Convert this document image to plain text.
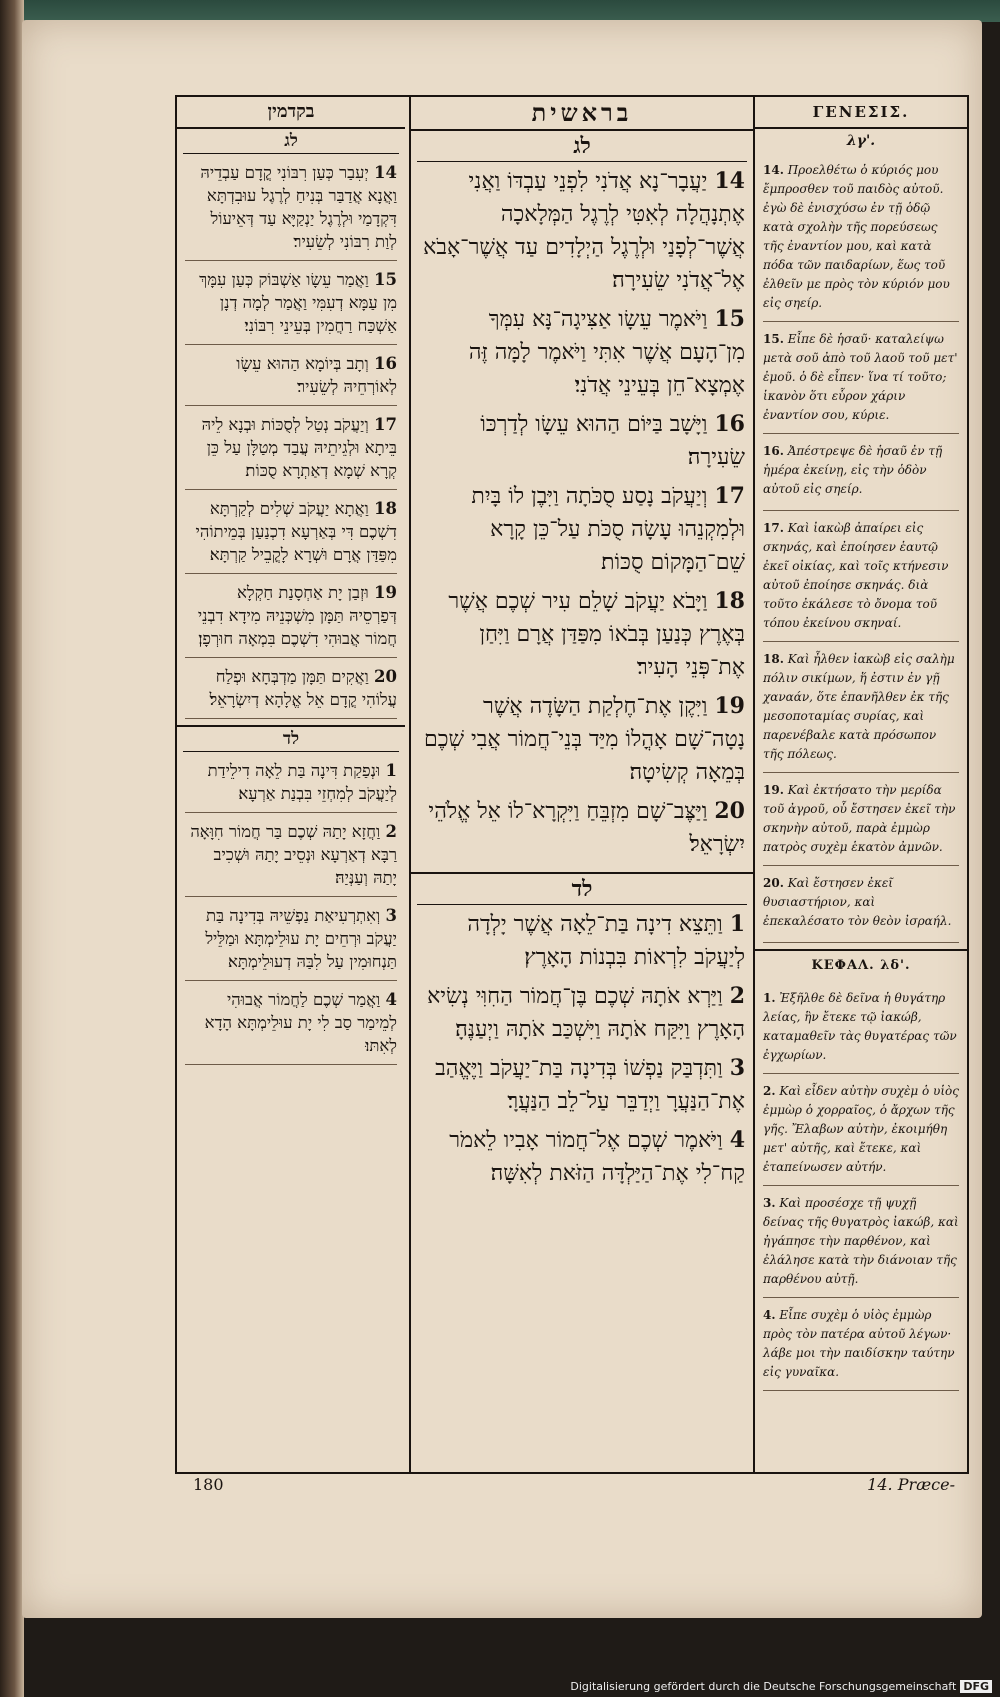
בקדמין
לג
14 יְעִבַר כְּעַן רִבּוֹנִי קֳדָם עַבְדֵיהּ וַאֲנָא אֲדַבַּר בְּנִיחַ לְרֶגֶל עוּבִדְתָּא דִּקְדָמַי וּלְרֶגֶל יַנְקַיָּא עַד דְּאֵיעוֹל לְוַת רִבּוֹנִי לְשֵׂעִיר׃
15 וַאֲמַר עֵשָׂו אַשְׁבּוֹק כְּעַן עִמָּךְ מִן עַמָּא דְעִמִּי וַאֲמַר לְמָה דְנָן אַשְׁכַּח רַחֲמִין בְּעֵינֵי רִבּוֹנִי׃
16 וְתָב בְּיוֹמָא הַהוּא עֵשָׂו לְאוֹרְחֵיהּ לְשֵׂעִיר׃
17 וְיַעֲקֹב נְטַל לְסֻכּוֹת וּבְנָא לֵיהּ בֵּיתָא וּלְגֵיתֵיהּ עֲבַד מְטַלָּן עַל כֵּן קְרָא שְׁמָא דְאַתְרָא סֻכּוֹת׃
18 וַאֲתָא יַעֲקֹב שְׁלִים לְקַרְתָּא דִשְׁכֶם דִּי בְּאַרְעָא דִכְנַעַן בְּמֵיתוֹהִי מִפַּדַּן אֲרָם וּשְׁרָא לָקֳבֵיל קַרְתָּא׃
19 וּזְבַן יָת אַחְסָנַת חַקְלָא דְּפַרְסֵיהּ תַּמָּן מִשְׁכְּנֵיהּ מִידָא דִבְנֵי חֲמוֹר אֲבוּהִי דִשְׁכֶם בִּמְאָה חוּרְפָן׃
20 וַאֲקִים תַּמָּן מַדְבְּחָא וּפְלַח עֲלוֹהִי קֳדָם אֵל אֱלָהָא דְיִשְׂרָאֵל׃
לד
1 וּנְפַקַת דִּינָה בַּת לֵאָה דִילֵידַת לְיַעֲקֹב לְמִחְזֵי בִּבְנַת אַרְעָא׃
2 וַחֲזָא יָתַהּ שְׁכֶם בַּר חֲמוֹר חִוָּאָה רַבָּא דְאַרְעָא וּנְסֵיב יָתַהּ וּשְׁכִיב יָתַהּ וְעַנְּיַהּ׃
3 וְאִתְרְעִיאַת נַפְשֵׁיהּ בְּדִינָה בַּת יַעֲקֹב וּרְחֵים יָת עוּלֵימְתָּא וּמַלֵּיל תַּנְחוּמִין עַל לִבַּהּ דְעוּלֵימְתָּא׃
4 וַאֲמַר שְׁכֶם לַחֲמוֹר אֲבוּהִי לְמֵימַר סַב לִי יָת עוּלֵימְתָּא הָדָא לְאִתּוּ׃
בראשית
לג
14 יַעֲבָר־נָא אֲדֹנִי לִפְנֵי עַבְדּוֹ וַאֲנִי אֶתְנָהֲלָה לְאִטִּי לְרֶגֶל הַמְּלָאכָה אֲשֶׁר־לְפָנַי וּלְרֶגֶל הַיְלָדִים עַד אֲשֶׁר־אָבֹא אֶל־אֲדֹנִי שֵׂעִירָה׃
15 וַיֹּאמֶר עֵשָׂו אַצִּיגָה־נָּא עִמְּךָ מִן־הָעָם אֲשֶׁר אִתִּי וַיֹּאמֶר לָמָּה זֶּה אֶמְצָא־חֵן בְּעֵינֵי אֲדֹנִי׃
16 וַיָּשָׁב בַּיּוֹם הַהוּא עֵשָׂו לְדַרְכּוֹ שֵׂעִירָה׃
17 וְיַעֲקֹב נָסַע סֻכֹּתָה וַיִּבֶן לוֹ בָּיִת וּלְמִקְנֵהוּ עָשָׂה סֻכֹּת עַל־כֵּן קָרָא שֵׁם־הַמָּקוֹם סֻכּוֹת׃
18 וַיָּבֹא יַעֲקֹב שָׁלֵם עִיר שְׁכֶם אֲשֶׁר בְּאֶרֶץ כְּנַעַן בְּבֹאוֹ מִפַּדַּן אֲרָם וַיִּחַן אֶת־פְּנֵי הָעִיר׃
19 וַיִּקֶן אֶת־חֶלְקַת הַשָּׂדֶה אֲשֶׁר נָטָה־שָׁם אָהֳלוֹ מִיַּד בְּנֵי־חֲמוֹר אֲבִי שְׁכֶם בְּמֵאָה קְשִׂיטָה׃
20 וַיַּצֶּב־שָׁם מִזְבֵּחַ וַיִּקְרָא־לוֹ אֵל אֱלֹהֵי יִשְׂרָאֵל׃
לד
1 וַתֵּצֵא דִינָה בַּת־לֵאָה אֲשֶׁר יָלְדָה לְיַעֲקֹב לִרְאוֹת בִּבְנוֹת הָאָרֶץ׃
2 וַיַּרְא אֹתָהּ שְׁכֶם בֶּן־חֲמוֹר הַחִוִּי נְשִׂיא הָאָרֶץ וַיִּקַּח אֹתָהּ וַיִּשְׁכַּב אֹתָהּ וַיְעַנֶּהָ׃
3 וַתִּדְבַּק נַפְשׁוֹ בְּדִינָה בַּת־יַעֲקֹב וַיֶּאֱהַב אֶת־הַנַּעֲרָ וַיְדַבֵּר עַל־לֵב הַנַּעֲרָ׃
4 וַיֹּאמֶר שְׁכֶם אֶל־חֲמוֹר אָבִיו לֵאמֹר קַח־לִי אֶת־הַיַּלְדָּה הַזֹּאת לְאִשָּׁה׃
ΓΕΝΕΣΙΣ.
λγ'.
14. Προελθέτω ὁ κύριός μου ἔμπροσθεν τοῦ παιδὸς αὐτοῦ. ἐγὼ δὲ ἐνισχύσω ἐν τῇ ὁδῷ κατὰ σχολὴν τῆς πορεύσεως τῆς ἐναντίον μου, καὶ κατὰ πόδα τῶν παιδαρίων, ἕως τοῦ ἐλθεῖν με πρὸς τὸν κύριόν μου εἰς σηείρ.
15. Εἶπε δὲ ἡσαῦ· καταλείψω μετὰ σοῦ ἀπὸ τοῦ λαοῦ τοῦ μετ' ἐμοῦ. ὁ δὲ εἶπεν· ἵνα τί τοῦτο; ἱκανὸν ὅτι εὗρον χάριν ἐναντίον σου, κύριε.
16. Ἀπέστρεψε δὲ ἡσαῦ ἐν τῇ ἡμέρα ἐκείνῃ, εἰς τὴν ὁδὸν αὐτοῦ εἰς σηείρ.
17. Καὶ ἰακὼβ ἀπαίρει εἰς σκηνάς, καὶ ἐποίησεν ἑαυτῷ ἐκεῖ οἰκίας, καὶ τοῖς κτήνεσιν αὐτοῦ ἐποίησε σκηνάς. διὰ τοῦτο ἐκάλεσε τὸ ὄνομα τοῦ τόπου ἐκείνου σκηναί.
18. Καὶ ἦλθεν ἰακὼβ εἰς σαλὴμ πόλιν σικίμων, ἥ ἐστιν ἐν γῇ χαναάν, ὅτε ἐπανῆλθεν ἐκ τῆς μεσοποταμίας συρίας, καὶ παρενέβαλε κατὰ πρόσωπον τῆς πόλεως.
19. Καὶ ἐκτήσατο τὴν μερίδα τοῦ ἀγροῦ, οὗ ἔστησεν ἐκεῖ τὴν σκηνὴν αὐτοῦ, παρὰ ἐμμὼρ πατρὸς συχὲμ ἑκατὸν ἀμνῶν.
20. Καὶ ἔστησεν ἐκεῖ θυσιαστήριον, καὶ ἐπεκαλέσατο τὸν θεὸν ἰσραήλ.
ΚΕΦΑΛ. λδ'.
1. Ἐξῆλθε δὲ δεῖνα ἡ θυγάτηρ λείας, ἣν ἔτεκε τῷ ἰακώβ, καταμαθεῖν τὰς θυγατέρας τῶν ἐγχωρίων.
2. Καὶ εἶδεν αὐτὴν συχὲμ ὁ υἱὸς ἐμμὼρ ὁ χορραῖος, ὁ ἄρχων τῆς γῆς. Ἔλαβων αὐτὴν, ἐκοιμήθη μετ' αὐτῆς, καὶ ἔτεκε, καὶ ἐταπείνωσεν αὐτήν.
3. Καὶ προσέσχε τῇ ψυχῇ δείνας τῆς θυγατρὸς ἰακώβ, καὶ ἠγάπησε τὴν παρθένον, καὶ ἐλάλησε κατὰ τὴν διάνοιαν τῆς παρθένου αὐτῇ.
4. Εἶπε συχὲμ ὁ υἱὸς ἐμμὼρ πρὸς τὸν πατέρα αὐτοῦ λέγων· λάβε μοι τὴν παιδίσκην ταύτην εἰς γυναῖκα.
180	14. Præce-
Digitalisierung gefördert durch die Deutsche Forschungsgemeinschaft DFG
